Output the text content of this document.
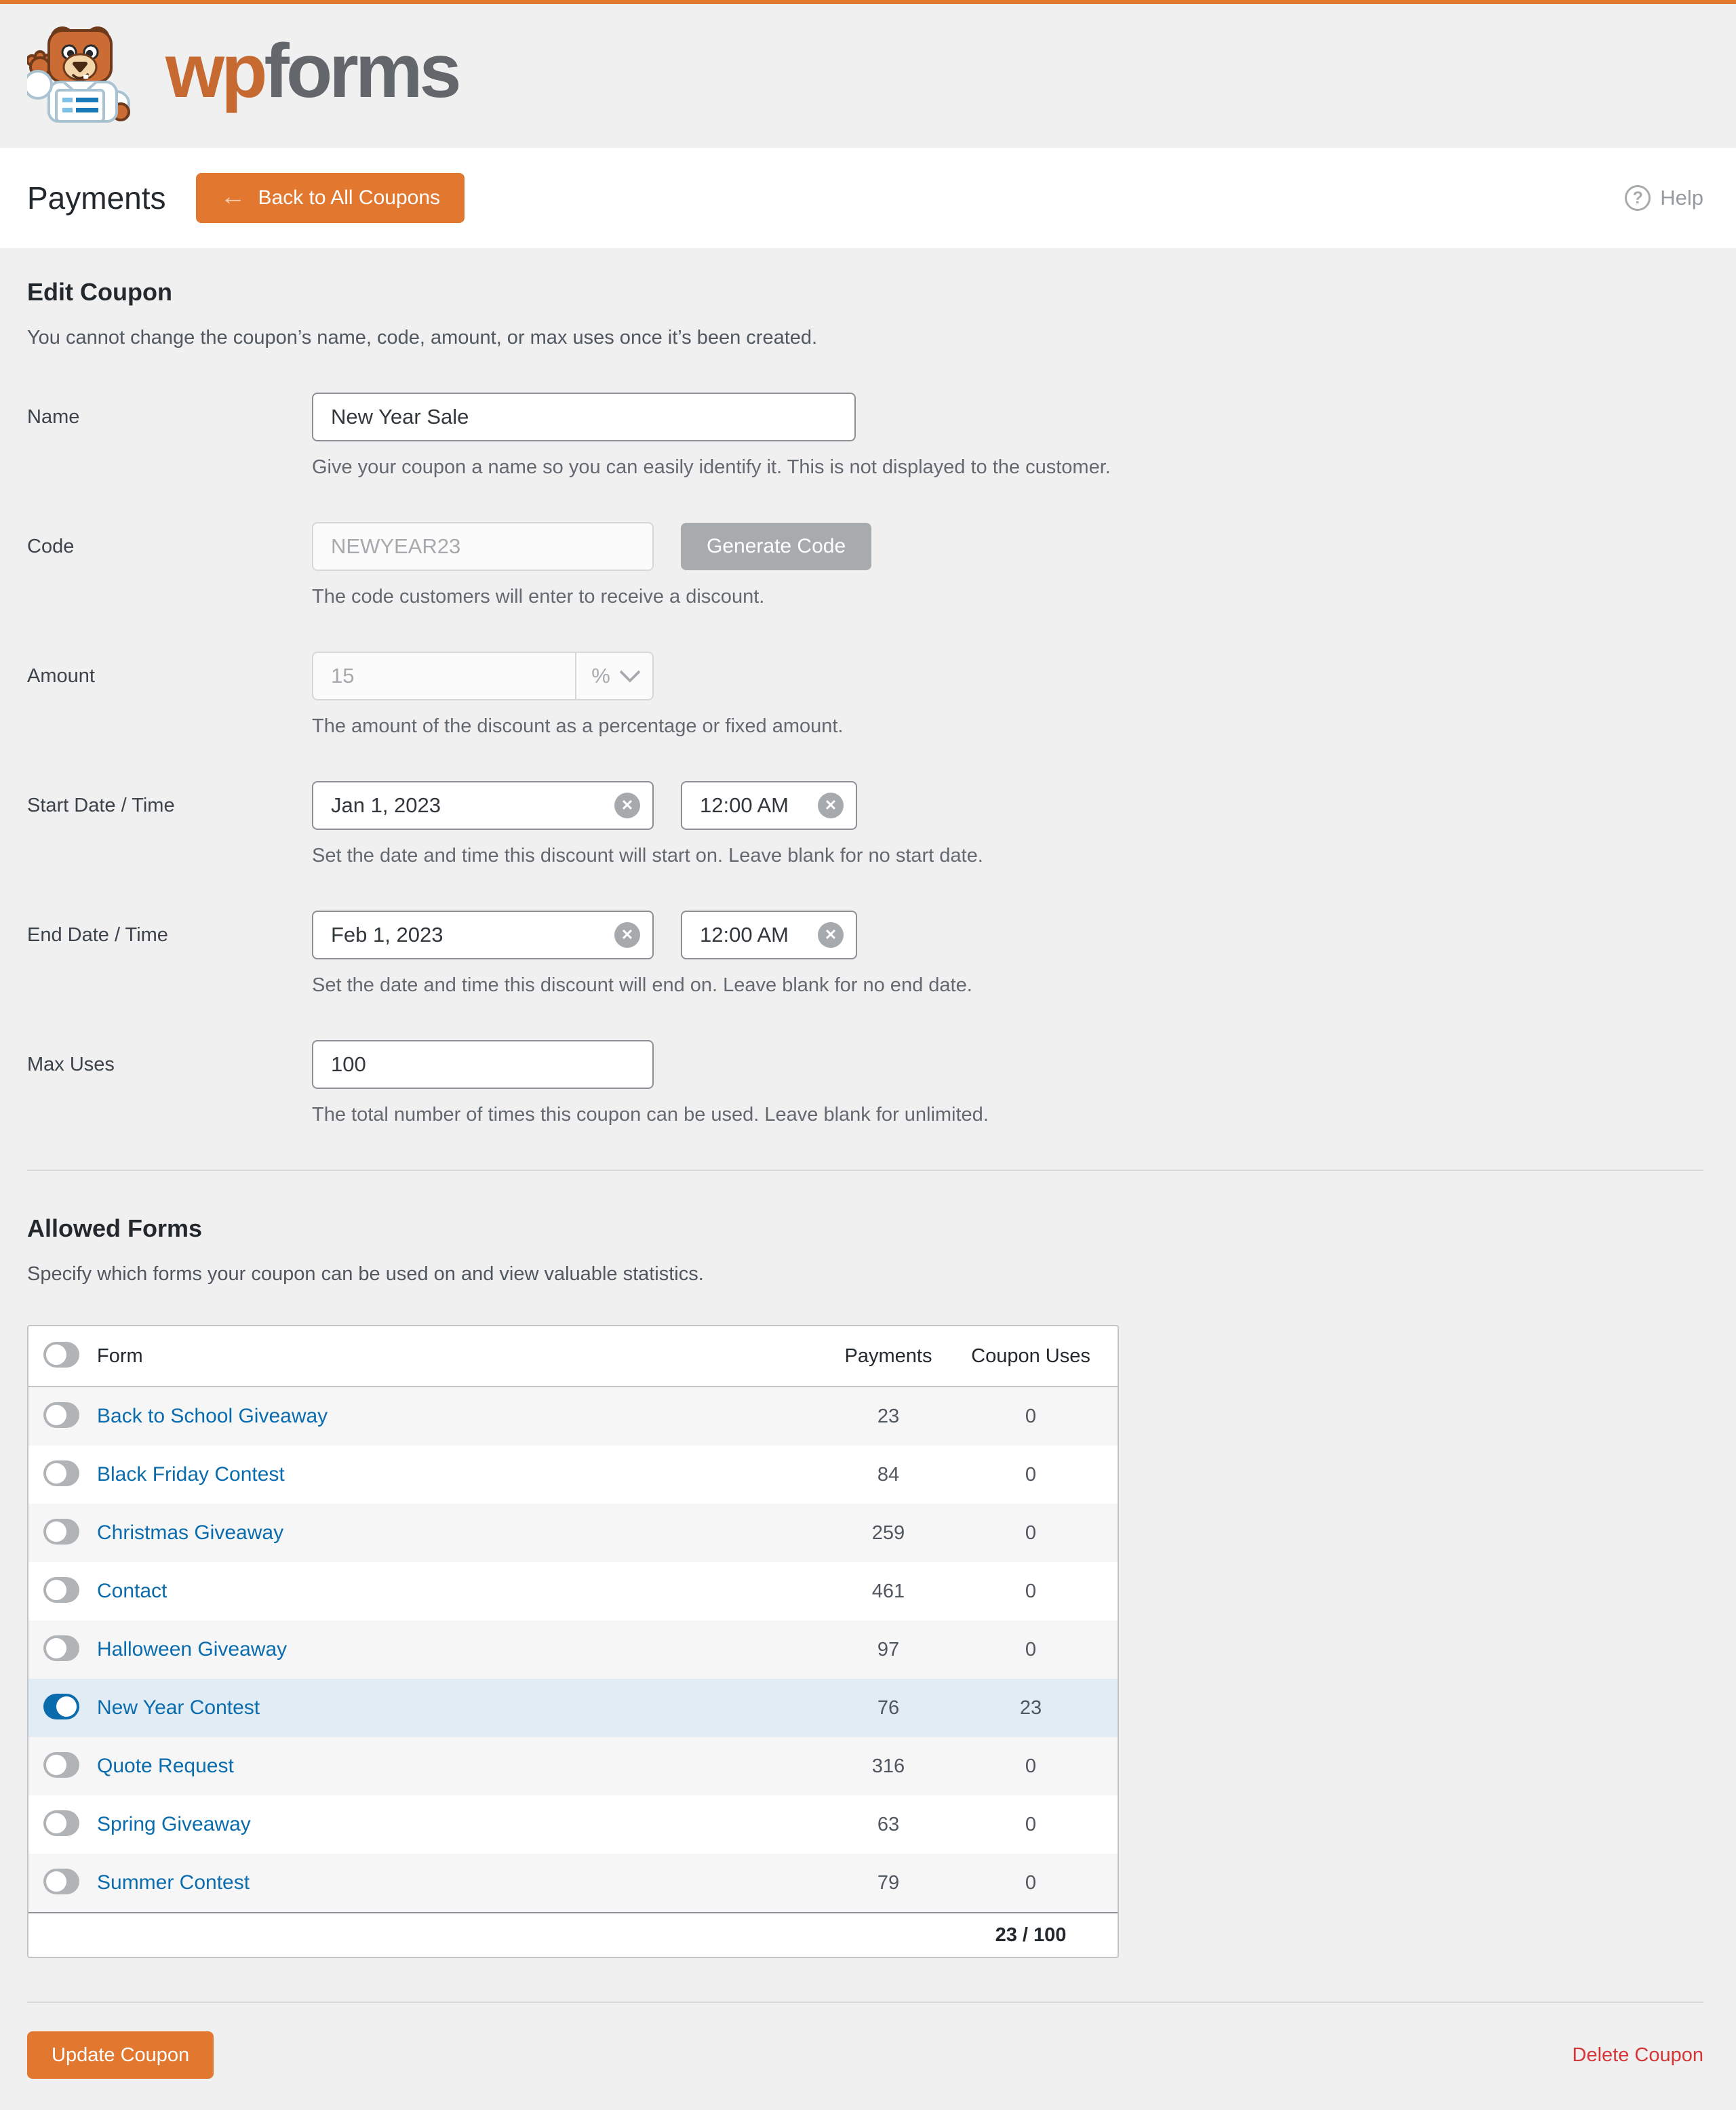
wpforms
Payments ← Back to All Coupons	? Help
Edit Coupon

You cannot change the coupon’s name, code, amount, or max uses once it’s been created.

Name
New Year Sale
Give your coupon a name so you can easily identify it. This is not displayed to the customer.
Code
NEWYEAR23	Generate Code
The code customers will enter to receive a discount.
Amount
15	%
The amount of the discount as a percentage or fixed amount.
Start Date / Time
Jan 1, 2023	✕
12:00 AM	✕
Set the date and time this discount will start on. Leave blank for no start date.
End Date / Time
Feb 1, 2023	✕
12:00 AM	✕
Set the date and time this discount will end on. Leave blank for no end date.
Max Uses
100
The total number of times this coupon can be used. Leave blank for unlimited.
Allowed Forms

Specify which forms your coupon can be used on and view valuable statistics.

Form	Payments	Coupon Uses
Back to School Giveaway	23	0
Black Friday Contest	84	0
Christmas Giveaway	259	0
Contact	461	0
Halloween Giveaway	97	0
New Year Contest	76	23
Quote Request	316	0
Spring Giveaway	63	0
Summer Contest	79	0
23 / 100
Update Coupon	Delete Coupon
